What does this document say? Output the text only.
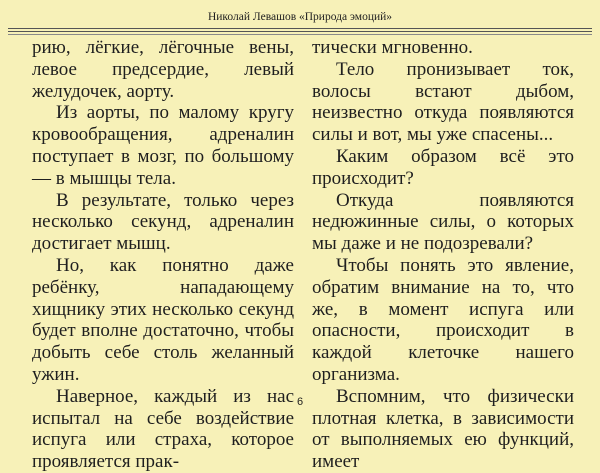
Николай Левашов «Природа эмоций»

рию, лёгкие, лёгочные вены, левое предсердие, левый желудочек, аорту.

Из аорты, по малому кругу кровообращения, адреналин поступает в мозг, по большому — в мышцы тела.

В результате, только через несколько секунд, адреналин достигает мышц.

Но, как понятно даже ребёнку, нападающему хищнику этих несколько секунд будет вполне достаточно, чтобы добыть себе столь желанный ужин.

Наверное, каждый из нас испытал на себе воздействие испуга или страха, которое проявляется прак-

тически мгновенно.

Тело пронизывает ток, волосы встают дыбом, неизвестно откуда появляются силы и вот, мы уже спасены...

Каким образом всё это происходит?

Откуда появляются недюжинные силы, о которых мы даже и не подозревали?

Чтобы понять это явление, обратим внимание на то, что же, в момент испуга или опасности, происходит в каждой клеточке нашего организма.

Вспомним, что физически плотная клетка, в зависимости от выполняемых ею функций, имеет

6
